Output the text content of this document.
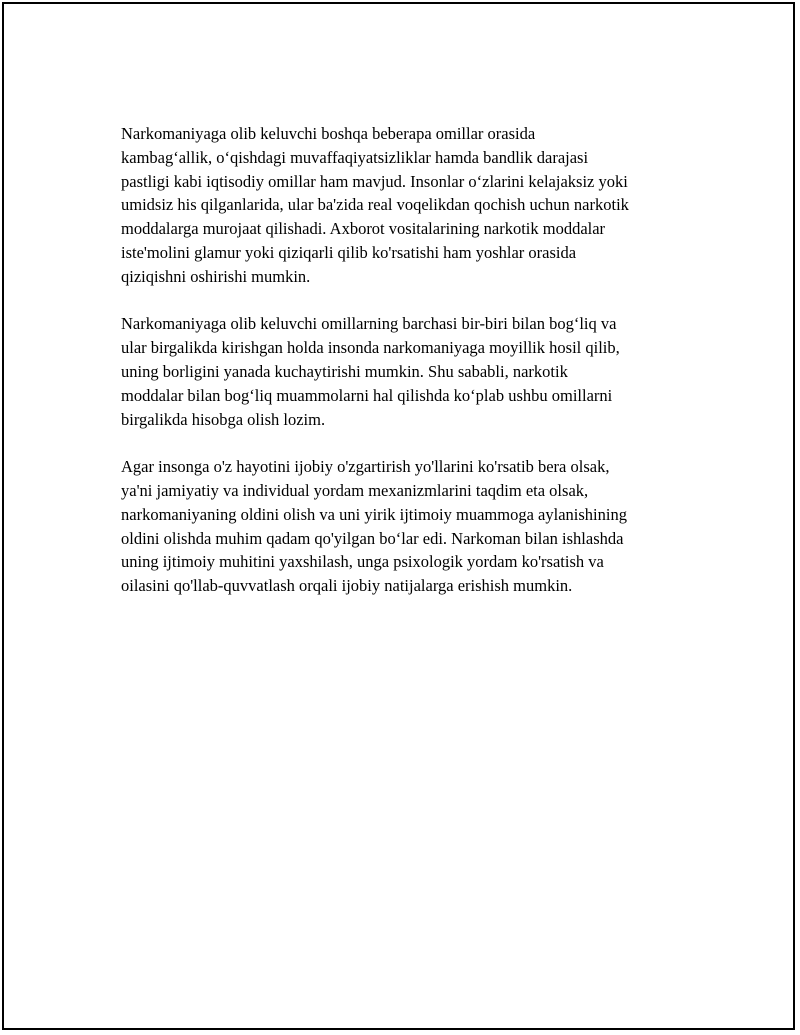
Narkomaniyaga olib keluvchi boshqa beberapa omillar orasida
kambag‘allik, o‘qishdagi muvaffaqiyatsizliklar hamda bandlik darajasi
pastligi kabi iqtisodiy omillar ham mavjud. Insonlar o‘zlarini kelajaksiz yoki
umidsiz his qilganlarida, ular ba'zida real voqelikdan qochish uchun narkotik
moddalarga murojaat qilishadi. Axborot vositalarining narkotik moddalar
iste'molini glamur yoki qiziqarli qilib ko'rsatishi ham yoshlar orasida
qiziqishni oshirishi mumkin.

Narkomaniyaga olib keluvchi omillarning barchasi bir-biri bilan bog‘liq va
ular birgalikda kirishgan holda insonda narkomaniyaga moyillik hosil qilib,
uning borligini yanada kuchaytirishi mumkin. Shu sababli, narkotik
moddalar bilan bog‘liq muammolarni hal qilishda ko‘plab ushbu omillarni
birgalikda hisobga olish lozim.

Agar insonga o'z hayotini ijobiy o'zgartirish yo'llarini ko'rsatib bera olsak,
ya'ni jamiyatiy va individual yordam mexanizmlarini taqdim eta olsak,
narkomaniyaning oldini olish va uni yirik ijtimoiy muammoga aylanishining
oldini olishda muhim qadam qo'yilgan bo‘lar edi. Narkoman bilan ishlashda
uning ijtimoiy muhitini yaxshilash, unga psixologik yordam ko'rsatish va
oilasini qo'llab-quvvatlash orqali ijobiy natijalarga erishish mumkin.
